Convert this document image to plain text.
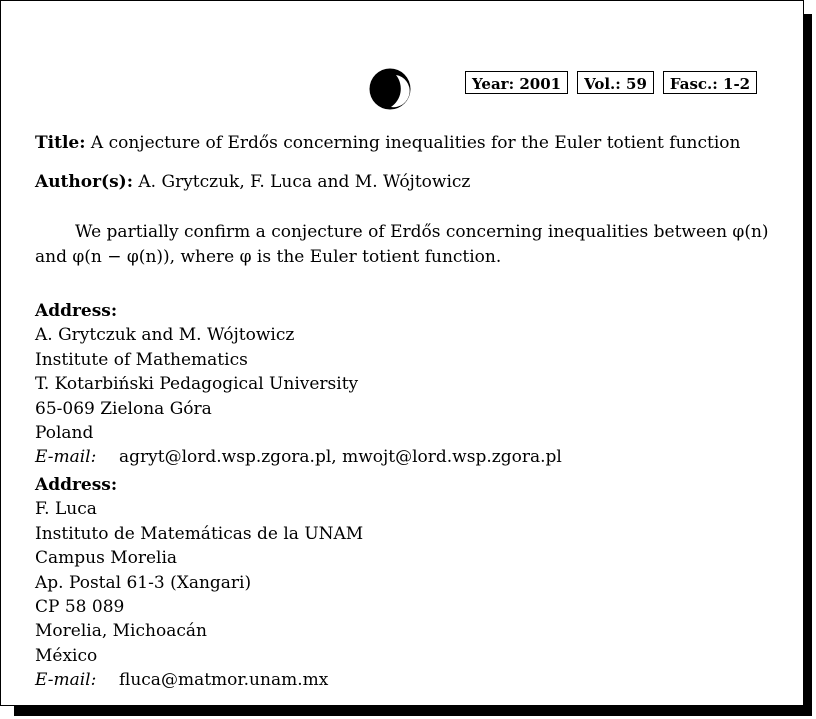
Year: 2001	Vol.: 59	Fasc.: 1-2
Title: A conjecture of Erdős concerning inequalities for the Euler totient function
Author(s): A. Grytczuk, F. Luca and M. Wójtowicz
We partially confirm a conjecture of Erdős concerning inequalities between φ(n)
and φ(n − φ(n)), where φ is the Euler totient function.
Address:
A. Grytczuk and M. Wójtowicz
Institute of Mathematics
T. Kotarbiński Pedagogical University
65-069 Zielona Góra
Poland
E-mail: agryt@lord.wsp.zgora.pl, mwojt@lord.wsp.zgora.pl
Address:
F. Luca
Instituto de Matemáticas de la UNAM
Campus Morelia
Ap. Postal 61-3 (Xangari)
CP 58 089
Morelia, Michoacán
México
E-mail: fluca@matmor.unam.mx
